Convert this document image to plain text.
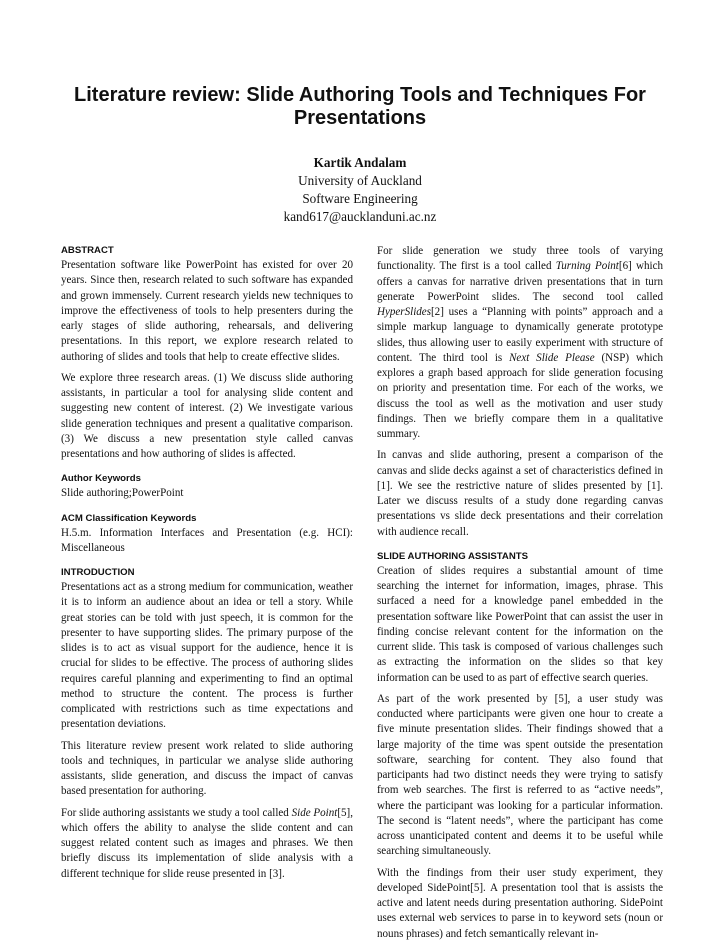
Literature review: Slide Authoring Tools and Techniques For Presentations
Kartik Andalam
University of Auckland
Software Engineering
kand617@aucklanduni.ac.nz
ABSTRACT

Presentation software like PowerPoint has existed for over 20 years. Since then, research related to such software has expanded and grown immensely. Current research yields new techniques to improve the effectiveness of tools to help presenters during the early stages of slide authoring, rehearsals, and delivering presentations. In this report, we explore research related to authoring of slides and tools that help to create effective slides.

We explore three research areas. (1) We discuss slide authoring assistants, in particular a tool for analysing slide content and suggesting new content of interest. (2) We investigate various slide generation techniques and present a qualitative comparison. (3) We discuss a new presentation style called canvas presentations and how authoring of slides is affected.

Author Keywords

Slide authoring;PowerPoint

ACM Classification Keywords

H.5.m. Information Interfaces and Presentation (e.g. HCI): Miscellaneous

INTRODUCTION

Presentations act as a strong medium for communication, weather it is to inform an audience about an idea or tell a story. While great stories can be told with just speech, it is common for the presenter to have supporting slides. The primary purpose of the slides is to act as visual support for the audience, hence it is crucial for slides to be effective. The process of authoring slides requires careful planning and experimenting to find an optimal method to structure the content. The process is further complicated with restrictions such as time expectations and presentation deviations.

This literature review present work related to slide authoring tools and techniques, in particular we analyse slide authoring assistants, slide generation, and discuss the impact of canvas based presentation for authoring.

For slide authoring assistants we study a tool called Side Point[5], which offers the ability to analyse the slide content and can suggest related content such as images and phrases. We then briefly discuss its implementation of slide analysis with a different technique for slide reuse presented in [3].

For slide generation we study three tools of varying functionality. The first is a tool called Turning Point[6] which offers a canvas for narrative driven presentations that in turn generate PowerPoint slides. The second tool called HyperSlides[2] uses a “Planning with points” approach and a simple markup language to dynamically generate prototype slides, thus allowing user to easily experiment with structure of content. The third tool is Next Slide Please (NSP) which explores a graph based approach for slide generation focusing on priority and presentation time. For each of the works, we discuss the tool as well as the motivation and user study findings. Then we briefly compare them in a qualitative summary.

In canvas and slide authoring, present a comparison of the canvas and slide decks against a set of characteristics defined in [1]. We see the restrictive nature of slides presented by [1]. Later we discuss results of a study done regarding canvas presentations vs slide deck presentations and their correlation with audience recall.

SLIDE AUTHORING ASSISTANTS

Creation of slides requires a substantial amount of time searching the internet for information, images, phrase. This surfaced a need for a knowledge panel embedded in the presentation software like PowerPoint that can assist the user in finding concise relevant content for the information on the current slide. This task is composed of various challenges such as extracting the information on the slides so that key information can be used to as part of effective search queries.

As part of the work presented by [5], a user study was conducted where participants were given one hour to create a five minute presentation slides. Their findings showed that a large majority of the time was spent outside the presentation software, searching for content. They also found that participants had two distinct needs they were trying to satisfy from web searches. The first is referred to as “active needs”, where the participant was looking for a particular information. The second is “latent needs”, where the participant has come across unanticipated content and deems it to be useful while searching simultaneously.

With the findings from their user study experiment, they developed SidePoint[5]. A presentation tool that is assists the active and latent needs during presentation authoring. SidePoint uses external web services to parse in to keyword sets (noun or nouns phrases) and fetch semantically relevant in-
